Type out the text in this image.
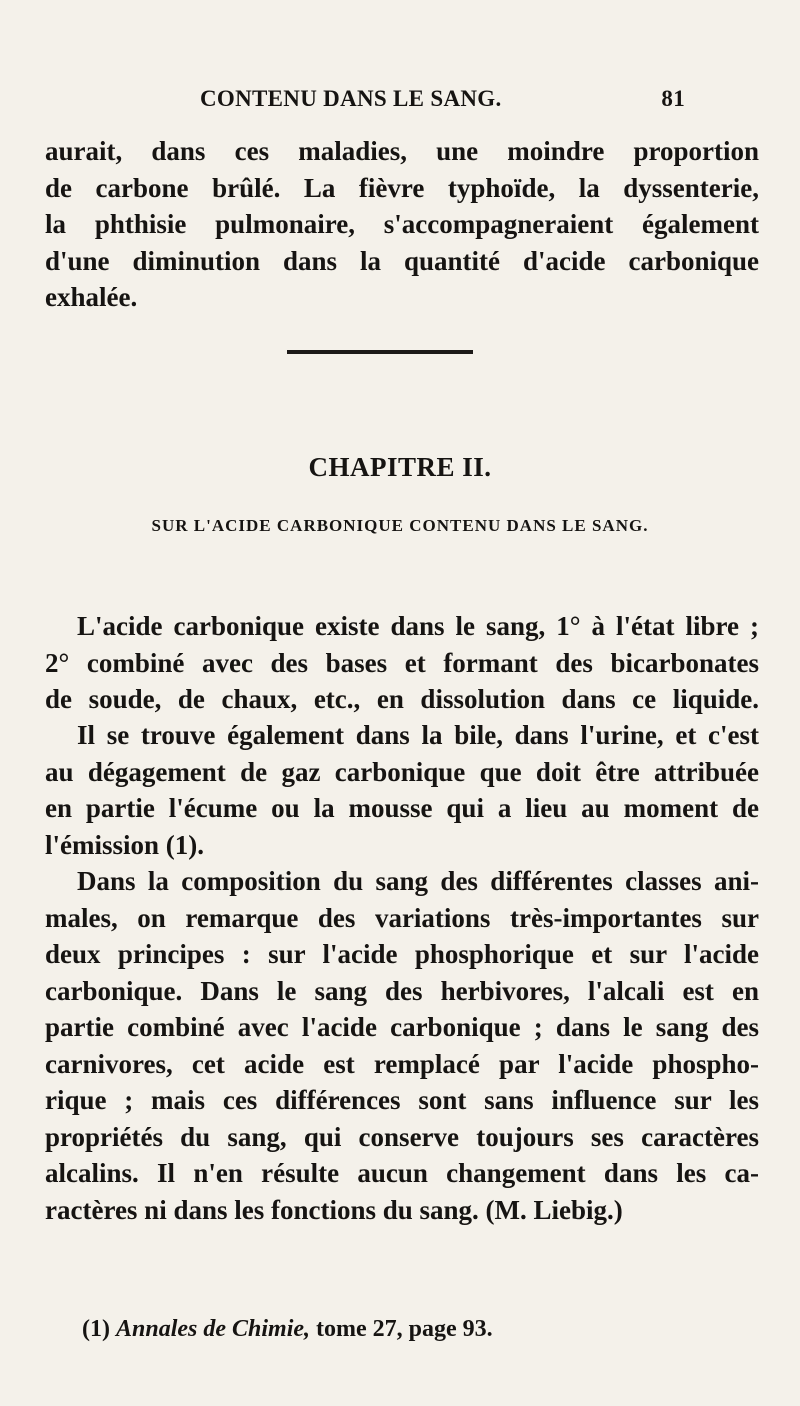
CONTENU DANS LE SANG.	81
aurait, dans ces maladies, une moindre proportion
de carbone brûlé. La fièvre typhoïde, la dyssenterie,
la phthisie pulmonaire, s'accompagneraient également
d'une diminution dans la quantité d'acide carbonique
exhalée.
CHAPITRE II.
SUR L'ACIDE CARBONIQUE CONTENU DANS LE SANG.
L'acide carbonique existe dans le sang, 1° à l'état libre ;
2° combiné avec des bases et formant des bicarbonates
de soude, de chaux, etc., en dissolution dans ce liquide.
Il se trouve également dans la bile, dans l'urine, et c'est
au dégagement de gaz carbonique que doit être attribuée
en partie l'écume ou la mousse qui a lieu au moment de
l'émission (1).
Dans la composition du sang des différentes classes ani-
males, on remarque des variations très-importantes sur
deux principes : sur l'acide phosphorique et sur l'acide
carbonique. Dans le sang des herbivores, l'alcali est en
partie combiné avec l'acide carbonique ; dans le sang des
carnivores, cet acide est remplacé par l'acide phospho-
rique ; mais ces différences sont sans influence sur les
propriétés du sang, qui conserve toujours ses caractères
alcalins. Il n'en résulte aucun changement dans les ca-
ractères ni dans les fonctions du sang. (M. Liebig.)
(1) Annales de Chimie, tome 27, page 93.
